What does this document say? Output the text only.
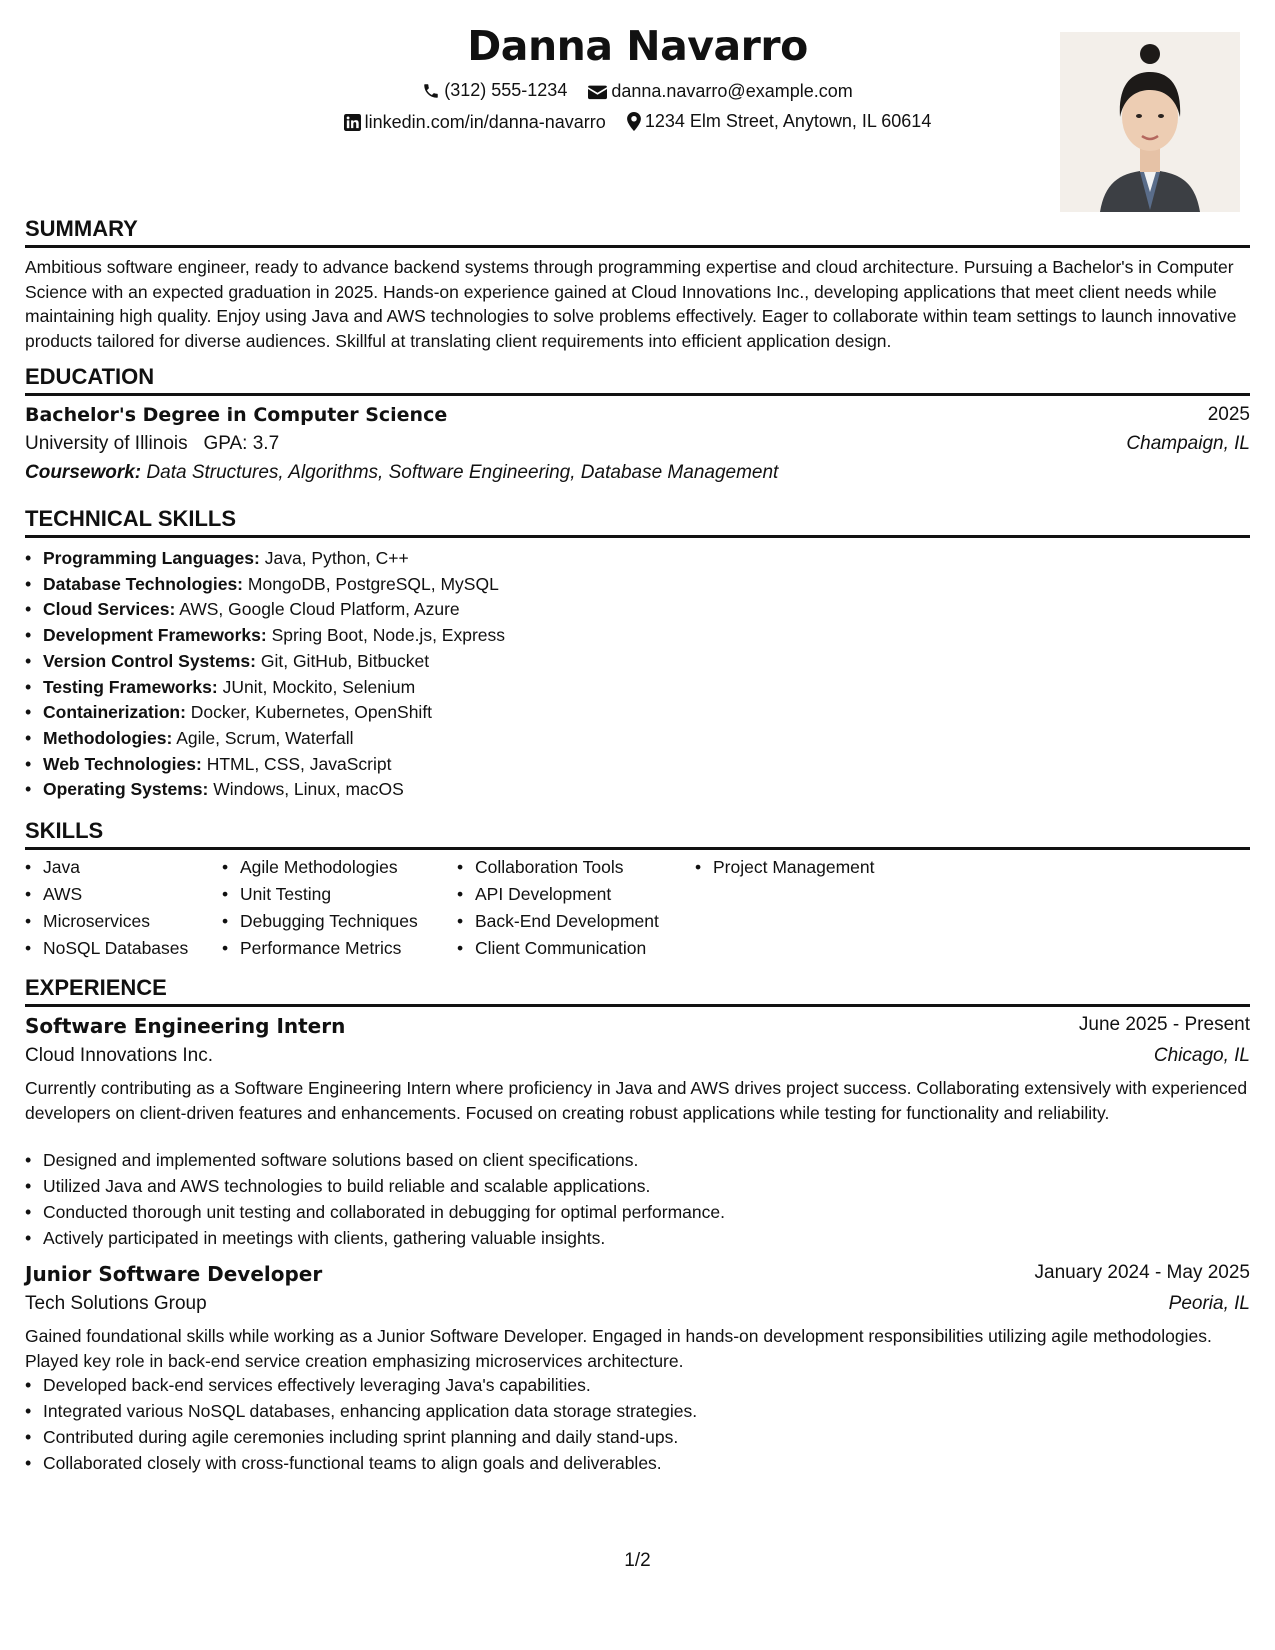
Danna Navarro
(312) 555-1234
danna.navarro@example.com
linkedin.com/in/danna-navarro
1234 Elm Street, Anytown, IL 60614
SUMMARY
Ambitious software engineer, ready to advance backend systems through programming expertise and cloud architecture. Pursuing a Bachelor's in Computer Science with an expected graduation in 2025. Hands-on experience gained at Cloud Innovations Inc., developing applications that meet client needs while maintaining high quality. Enjoy using Java and AWS technologies to solve problems effectively. Eager to collaborate within team settings to launch innovative products tailored for diverse audiences. Skillful at translating client requirements into efficient application design.
EDUCATION
Bachelor's Degree in Computer Science	2025
University of Illinois GPA: 3.7	Champaign, IL
Coursework: Data Structures, Algorithms, Software Engineering, Database Management
TECHNICAL SKILLS
• Programming Languages: Java, Python, C++
• Database Technologies: MongoDB, PostgreSQL, MySQL
• Cloud Services: AWS, Google Cloud Platform, Azure
• Development Frameworks: Spring Boot, Node.js, Express
• Version Control Systems: Git, GitHub, Bitbucket
• Testing Frameworks: JUnit, Mockito, Selenium
• Containerization: Docker, Kubernetes, OpenShift
• Methodologies: Agile, Scrum, Waterfall
• Web Technologies: HTML, CSS, JavaScript
• Operating Systems: Windows, Linux, macOS
SKILLS
• Java
• AWS
• Microservices
• NoSQL Databases
• Agile Methodologies
• Unit Testing
• Debugging Techniques
• Performance Metrics
• Collaboration Tools
• API Development
• Back-End Development
• Client Communication
• Project Management
EXPERIENCE
Software Engineering Intern	June 2025 - Present
Cloud Innovations Inc.	Chicago, IL
Currently contributing as a Software Engineering Intern where proficiency in Java and AWS drives project success. Collaborating extensively with experienced developers on client-driven features and enhancements. Focused on creating robust applications while testing for functionality and reliability.
• Designed and implemented software solutions based on client specifications.
• Utilized Java and AWS technologies to build reliable and scalable applications.
• Conducted thorough unit testing and collaborated in debugging for optimal performance.
• Actively participated in meetings with clients, gathering valuable insights.
Junior Software Developer	January 2024 - May 2025
Tech Solutions Group	Peoria, IL
Gained foundational skills while working as a Junior Software Developer. Engaged in hands-on development responsibilities utilizing agile methodologies. Played key role in back-end service creation emphasizing microservices architecture.
• Developed back-end services effectively leveraging Java's capabilities.
• Integrated various NoSQL databases, enhancing application data storage strategies.
• Contributed during agile ceremonies including sprint planning and daily stand-ups.
• Collaborated closely with cross-functional teams to align goals and deliverables.
1/2
